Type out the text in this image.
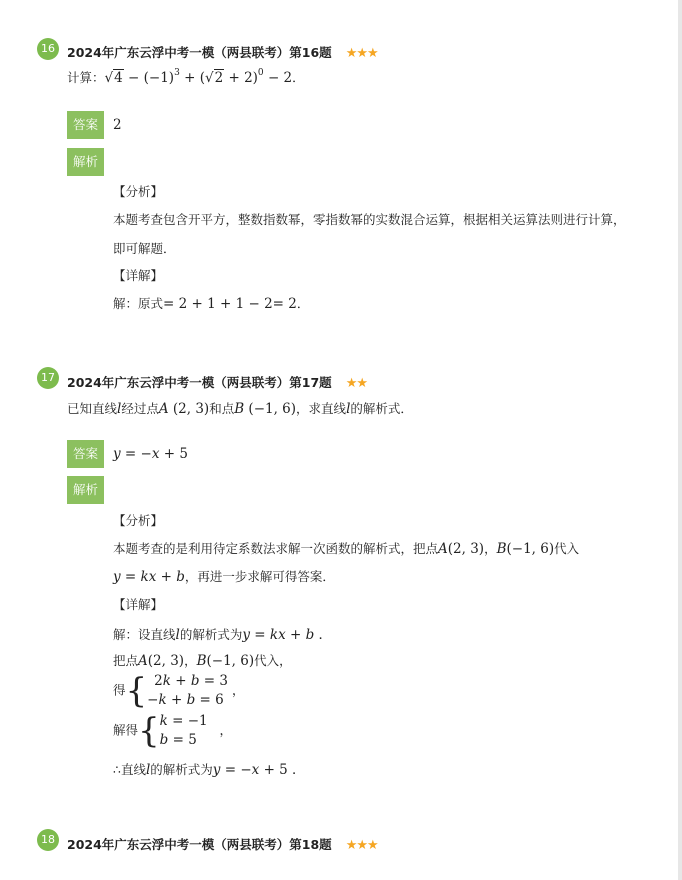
16 2024年广东云浮中考一模（两县联考）第16题 ★★★
计算：$√4 - (-1)^3 + (√2 + 2)^0 - 2$．
答案	2
解析
【分析】
本题考查包含开平方，整数指数幂，零指数幂的实数混合运算，根据相关运算法则进行计算，
即可解题．
【详解】
解：原式= 2 + 1 + 1 − 2= 2．
17 2024年广东云浮中考一模（两县联考）第17题 ★★
已知直线l经过点A (2, 3)和点B (−1, 6)，求直线l的解析式．
答案	y = −x + 5
解析
【分析】
本题考查的是利用待定系数法求解一次函数的解析式，把点A(2, 3)，B(−1, 6)代入
y = kx + b，再进一步求解可得答案．
【详解】
解：设直线l的解析式为y = kx + b ．
把点A(2, 3)，B(−1, 6)代入，
得{ 2k + b = 3
−k + b = 6 ，
解得{k = −1
b = 5   ，
∴直线l的解析式为y = −x + 5 ．
18 2024年广东云浮中考一模（两县联考）第18题 ★★★
